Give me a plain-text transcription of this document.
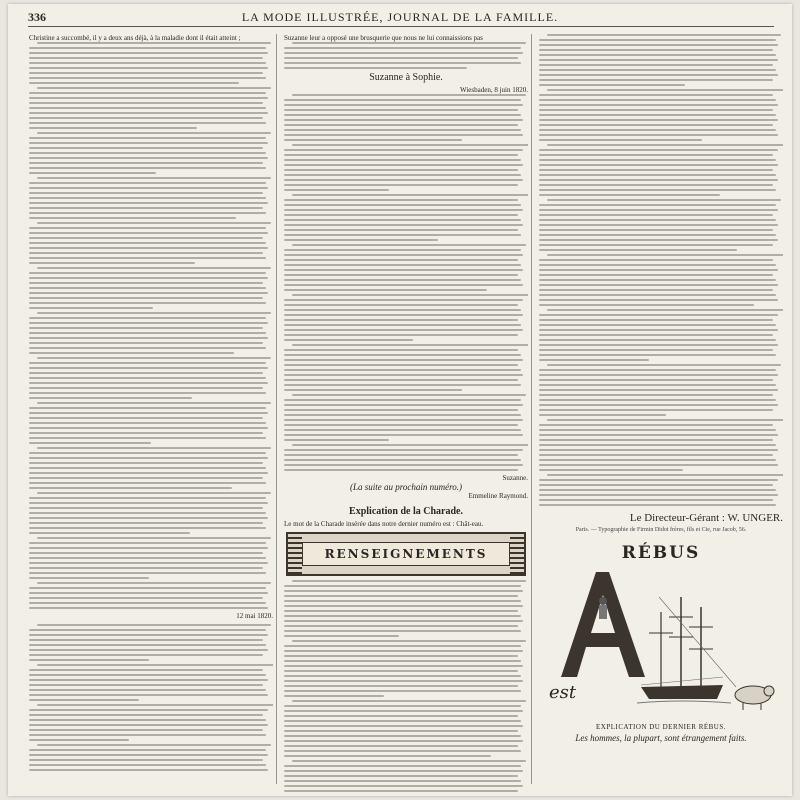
336	LA MODE ILLUSTRÉE, JOURNAL DE LA FAMILLE.
Christine a succombé, il y a deux ans déjà, à la maladie dont il était atteint ;
12 mai 1820.
Suzanne leur a opposé une brusquerie que nous ne lui connaissions pas
Suzanne à Sophie.
Wiesbaden, 8 juin 1820.
Suzanne.
(La suite au prochain numéro.)
Emmeline Raymond.
Explication de la Charade.
Le mot de la Charade insérée dans notre dernier numéro est : Chât-eau.
RENSEIGNEMENTS
Le Directeur-Gérant : W. UNGER.
Paris. — Typographie de Firmin Didot frères, fils et Cie, rue Jacob, 56.
RÉBUS
est
EXPLICATION DU DERNIER RÉBUS.
Les hommes, la plupart, sont étrangement faits.
